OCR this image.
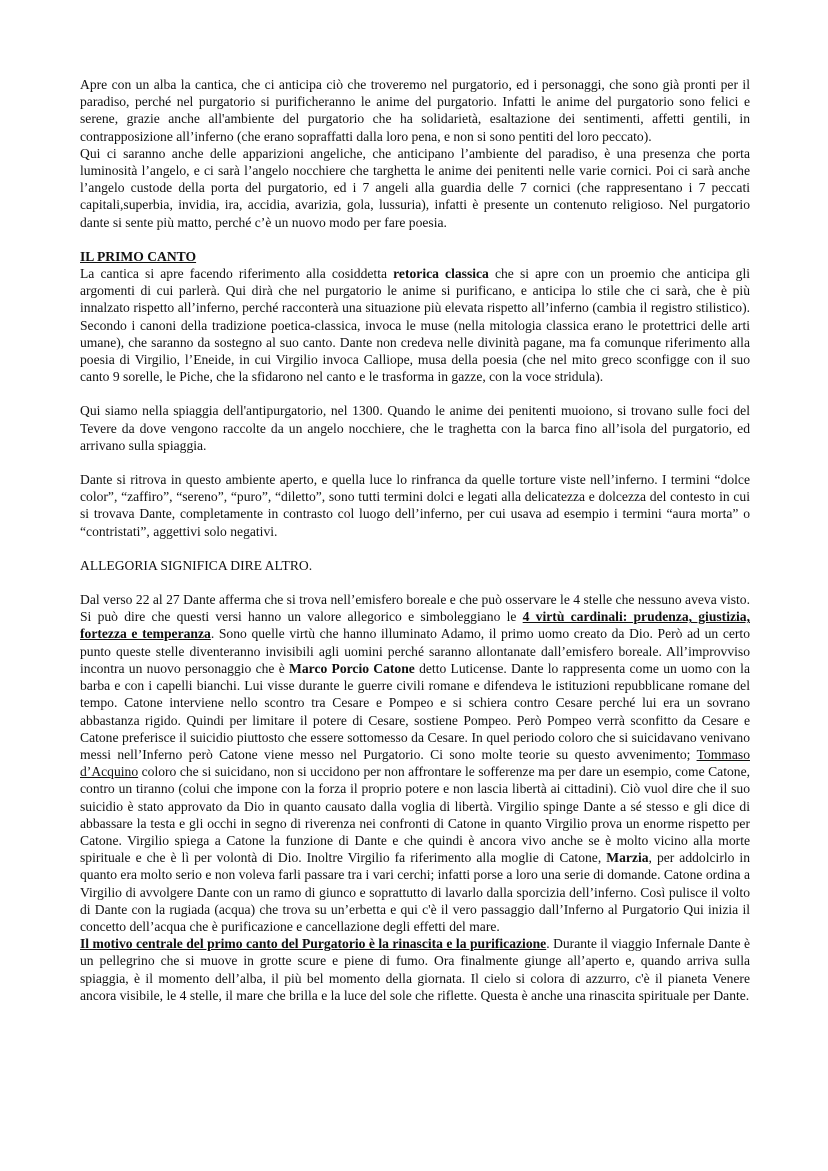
Apre con un alba la cantica, che ci anticipa ciò che troveremo nel purgatorio, ed i personaggi, che sono già pronti per il paradiso, perché nel purgatorio si purificheranno le anime del purgatorio. Infatti le anime del purgatorio sono felici e serene, grazie anche all'ambiente del purgatorio che ha solidarietà, esaltazione dei sentimenti, affetti gentili, in contrapposizione all’inferno (che erano sopraffatti dalla loro pena, e non si sono pentiti del loro peccato).

Qui ci saranno anche delle apparizioni angeliche, che anticipano l’ambiente del paradiso, è una presenza che porta luminosità l’angelo, e ci sarà l’angelo nocchiere che targhetta le anime dei penitenti nelle varie cornici. Poi ci sarà anche l’angelo custode della porta del purgatorio, ed i 7 angeli alla guardia delle 7 cornici (che rappresentano i 7 peccati capitali,superbia, invidia, ira, accidia, avarizia, gola, lussuria), infatti è presente un contenuto religioso. Nel purgatorio dante si sente più matto, perché c’è un nuovo modo per fare poesia.

IL PRIMO CANTO

La cantica si apre facendo riferimento alla cosiddetta retorica classica che si apre con un proemio che anticipa gli argomenti di cui parlerà. Qui dirà che nel purgatorio le anime si purificano, e anticipa lo stile che ci sarà, che è più innalzato rispetto all’inferno, perché racconterà una situazione più elevata rispetto all’inferno (cambia il registro stilistico). Secondo i canoni della tradizione poetica-classica, invoca le muse (nella mitologia classica erano le protettrici delle arti umane), che saranno da sostegno al suo canto. Dante non credeva nelle divinità pagane, ma fa comunque riferimento alla poesia di Virgilio, l’Eneide, in cui Virgilio invoca Calliope, musa della poesia (che nel mito greco sconfigge con il suo canto 9 sorelle, le Piche, che la sfidarono nel canto e le trasforma in gazze, con la voce stridula).

Qui siamo nella spiaggia dell'antipurgatorio, nel 1300. Quando le anime dei penitenti muoiono, si trovano sulle foci del Tevere da dove vengono raccolte da un angelo nocchiere, che le traghetta con la barca fino all’isola del purgatorio, ed arrivano sulla spiaggia.

Dante si ritrova in questo ambiente aperto, e quella luce lo rinfranca da quelle torture viste nell’inferno. I termini “dolce color”, “zaffiro”, “sereno”, “puro”, “diletto”, sono tutti termini dolci e legati alla delicatezza e dolcezza del contesto in cui si trovava Dante, completamente in contrasto col luogo dell’inferno, per cui usava ad esempio i termini “aura morta” o “contristati”, aggettivi solo negativi.

ALLEGORIA SIGNIFICA DIRE ALTRO.

Dal verso 22 al 27 Dante afferma che si trova nell’emisfero boreale e che può osservare le 4 stelle che nessuno aveva visto. Si può dire che questi versi hanno un valore allegorico e simboleggiano le 4 virtù cardinali: prudenza, giustizia, fortezza e temperanza. Sono quelle virtù che hanno illuminato Adamo, il primo uomo creato da Dio. Però ad un certo punto queste stelle diventeranno invisibili agli uomini perché saranno allontanate dall’emisfero boreale. All’improvviso incontra un nuovo personaggio che è Marco Porcio Catone detto Luticense. Dante lo rappresenta come un uomo con la barba e con i capelli bianchi. Lui visse durante le guerre civili romane e difendeva le istituzioni repubblicane romane del tempo. Catone interviene nello scontro tra Cesare e Pompeo e si schiera contro Cesare perché lui era un sovrano abbastanza rigido. Quindi per limitare il potere di Cesare, sostiene Pompeo. Però Pompeo verrà sconfitto da Cesare e Catone preferisce il suicidio piuttosto che essere sottomesso da Cesare. In quel periodo coloro che si suicidavano venivano messi nell’Inferno però Catone viene messo nel Purgatorio. Ci sono molte teorie su questo avvenimento; Tommaso d’Acquino coloro che si suicidano, non si uccidono per non affrontare le sofferenze ma per dare un esempio, come Catone, contro un tiranno (colui che impone con la forza il proprio potere e non lascia libertà ai cittadini). Ciò vuol dire che il suo suicidio è stato approvato da Dio in quanto causato dalla voglia di libertà. Virgilio spinge Dante a sé stesso e gli dice di abbassare la testa e gli occhi in segno di riverenza nei confronti di Catone in quanto Virgilio prova un enorme rispetto per Catone. Virgilio spiega a Catone la funzione di Dante e che quindi è ancora vivo anche se è molto vicino alla morte spirituale e che è lì per volontà di Dio. Inoltre Virgilio fa riferimento alla moglie di Catone, Marzia, per addolcirlo in quanto era molto serio e non voleva farli passare tra i vari cerchi; infatti porse a loro una serie di domande. Catone ordina a Virgilio di avvolgere Dante con un ramo di giunco e soprattutto di lavarlo dalla sporcizia dell’inferno. Così pulisce il volto di Dante con la rugiada (acqua) che trova su un’erbetta e qui c'è il vero passaggio dall’Inferno al Purgatorio Qui inizia il concetto dell’acqua che è purificazione e cancellazione degli effetti del mare.

Il motivo centrale del primo canto del Purgatorio è la rinascita e la purificazione. Durante il viaggio Infernale Dante è un pellegrino che si muove in grotte scure e piene di fumo. Ora finalmente giunge all’aperto e, quando arriva sulla spiaggia, è il momento dell’alba, il più bel momento della giornata. Il cielo si colora di azzurro, c'è il pianeta Venere ancora visibile, le 4 stelle, il mare che brilla e la luce del sole che riflette. Questa è anche una rinascita spirituale per Dante.
